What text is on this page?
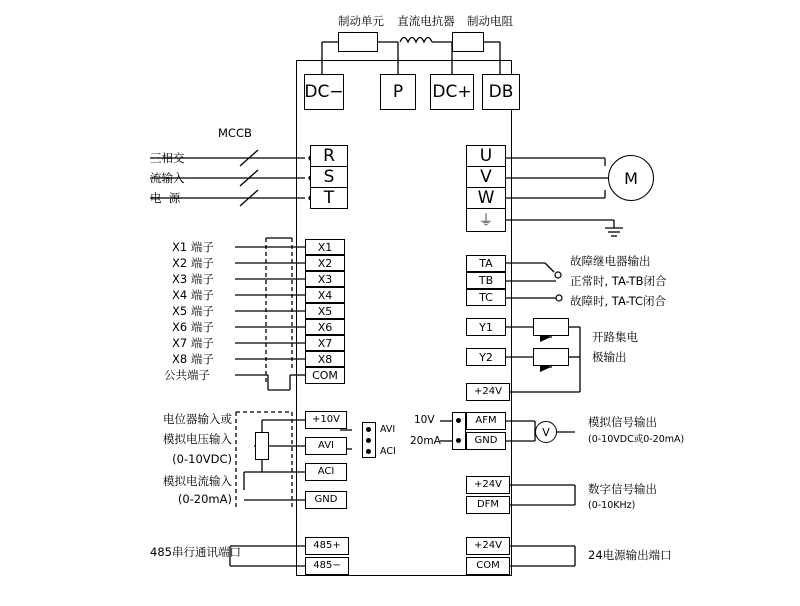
制动单元	直流电抗器	制动电阻
DC−	P	DC+	DB
MCCB
三相交
流输入
电  源
R
S
T
U
V
W
⏚
M
X1 端子
X2 端子
X3 端子
X4 端子
X5 端子
X6 端子
X7 端子
X8 端子
公共端子
X1
X2
X3
X4
X5
X6
X7
X8
COM
TA
TB
TC
故障继电器输出
正常时, TA-TB闭合
故障时, TA-TC闭合
Y1
Y2
+24V
开路集电
极输出
电位器输入或
模拟电压输入
(0-10VDC)
模拟电流输入
(0-20mA)
+10V
AVI
ACI
GND
AVI
ACI
10V
20mA
AFM
GND
V
模拟信号输出
(0-10VDC或0-20mA)
+24V
DFM
数字信号输出
(0-10KHz)
485串行通讯端口	485+
485−
+24V
COM
24电源输出端口
